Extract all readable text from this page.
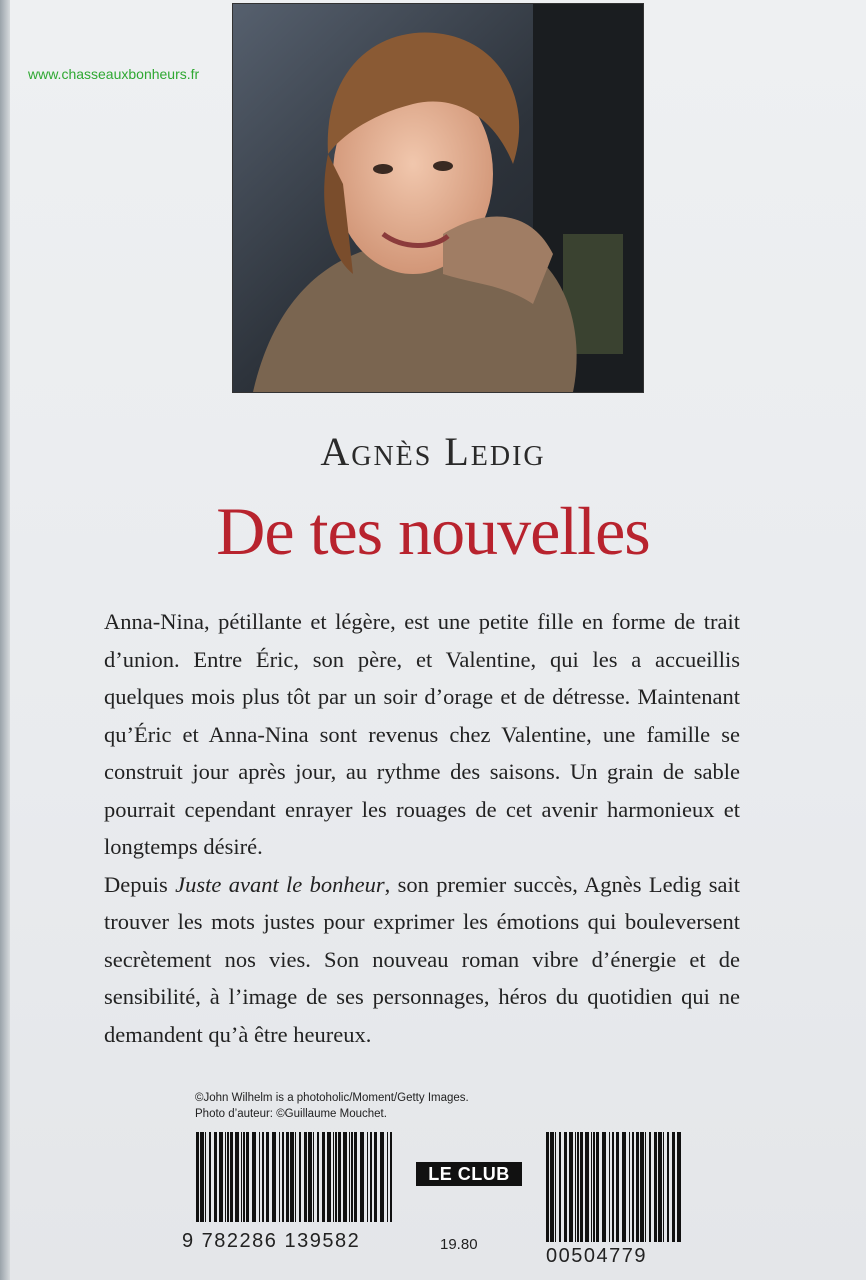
www.chasseauxbonheurs.fr
Agnès Ledig
De tes nouvelles

Anna-Nina, pétillante et légère, est une petite fille en forme de trait d’union. Entre Éric, son père, et Valentine, qui les a accueillis quelques mois plus tôt par un soir d’orage et de détresse. Maintenant qu’Éric et Anna-Nina sont revenus chez Valentine, une famille se construit jour après jour, au rythme des saisons. Un grain de sable pourrait cependant enrayer les rouages de cet avenir harmonieux et longtemps désiré.

Depuis Juste avant le bonheur, son premier succès, Agnès Ledig sait trouver les mots justes pour exprimer les émotions qui bouleversent secrètement nos vies. Son nouveau roman vibre d’énergie et de sensibilité, à l’image de ses personnages, héros du quotidien qui ne demandent qu’à être heureux.

©John Wilhelm is a photoholic/Moment/Getty Images.
Photo d’auteur: ©Guillaume Mouchet.
9 782286 139582
LE CLUB
19.80
00504779
